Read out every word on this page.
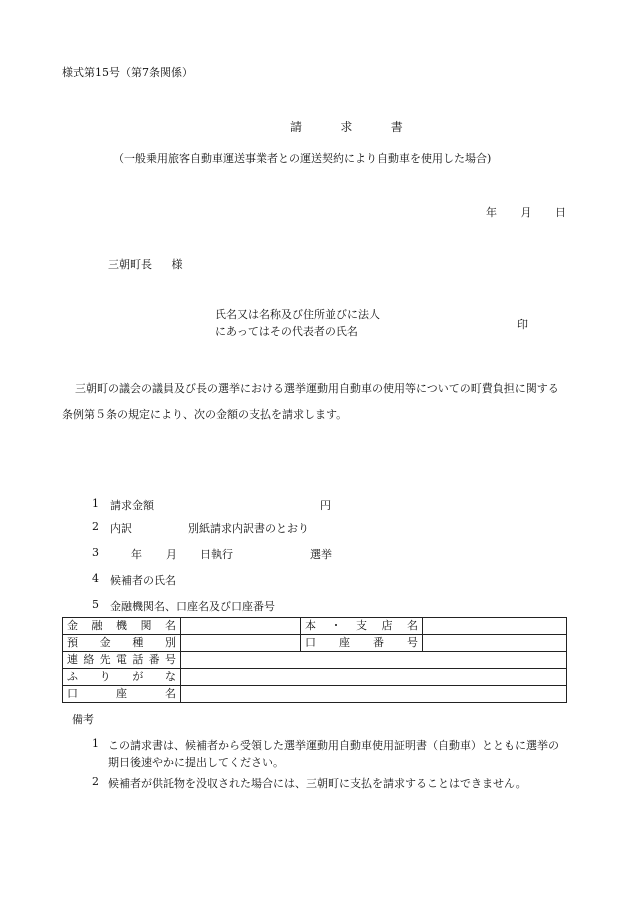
様式第15号（第7条関係）
請　求　書
（一般乗用旅客自動車運送事業者との運送契約により自動車を使用した場合)
年 月 日
三朝町長 様
氏名又は名称及び住所並びに法人
にあってはその代表者の氏名
印
三朝町の議会の議員及び長の選挙における選挙運動用自動車の使用等についての町費負担に関する
条例第５条の規定により、次の金額の支払を請求します。
1 請求金額	円
2 内訳	別紙請求内訳書のとおり
3	年 月 日執行	選挙
4 候補者の氏名
5 金融機関名、口座名及び口座番号
金融機関名		本・支店名	
預金種別		口座番号	
連絡先電話番号			
ふりがな			
口座名			
備考
1 この請求書は、候補者から受領した選挙運動用自動車使用証明書（自動車）とともに選挙の
期日後速やかに提出してください。
2 候補者が供託物を没収された場合には、三朝町に支払を請求することはできません。
